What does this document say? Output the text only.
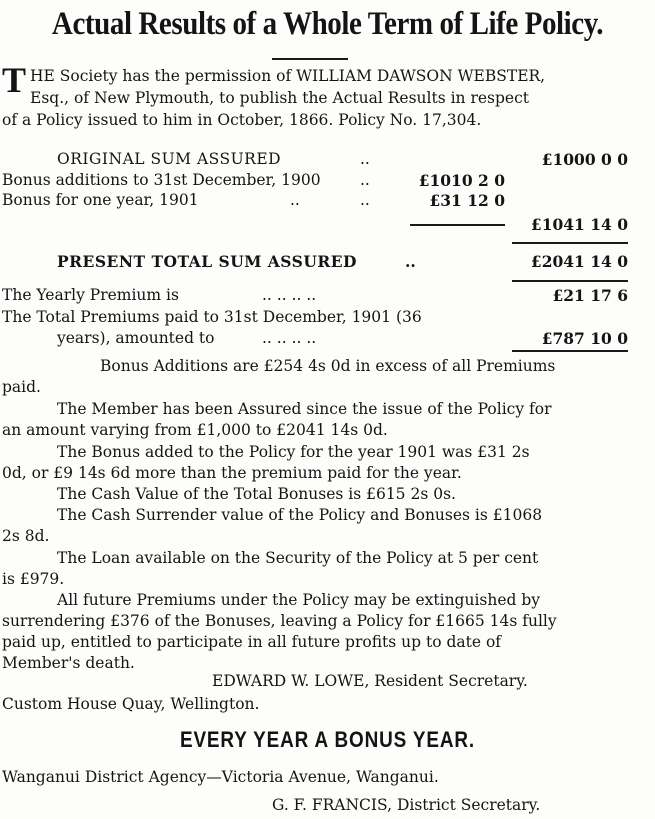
Actual Results of a Whole Term of Life Policy.
T HE Society has the permission of WILLIAM DAWSON WEBSTER,
Esq., of New Plymouth, to publish the Actual Results in respect
of a Policy issued to him in October, 1866. Policy No. 17,304.
ORIGINAL SUM ASSURED	..	£1000 0 0
Bonus additions to 31st December, 1900	..	£1010 2 0
Bonus for one year, 1901	..	..	£31 12 0
£1041 14 0
PRESENT TOTAL SUM ASSURED	..	£2041 14 0
The Yearly Premium is	.. .. .. ..	£21 17 6
The Total Premiums paid to 31st December, 1901 (36
years), amounted to	.. .. .. ..	£787 10 0
Bonus Additions are £254 4s 0d in excess of all Premiums
paid.
The Member has been Assured since the issue of the Policy for
an amount varying from £1,000 to £2041 14s 0d.
The Bonus added to the Policy for the year 1901 was £31 2s
0d, or £9 14s 6d more than the premium paid for the year.
The Cash Value of the Total Bonuses is £615 2s 0s.
The Cash Surrender value of the Policy and Bonuses is £1068
2s 8d.
The Loan available on the Security of the Policy at 5 per cent
is £979.
All future Premiums under the Policy may be extinguished by
surrendering £376 of the Bonuses, leaving a Policy for £1665 14s fully
paid up, entitled to participate in all future profits up to date of
Member's death.
EDWARD W. LOWE, Resident Secretary.
Custom House Quay, Wellington.
EVERY YEAR A BONUS YEAR.
Wanganui District Agency—Victoria Avenue, Wanganui.
G. F. FRANCIS, District Secretary.
